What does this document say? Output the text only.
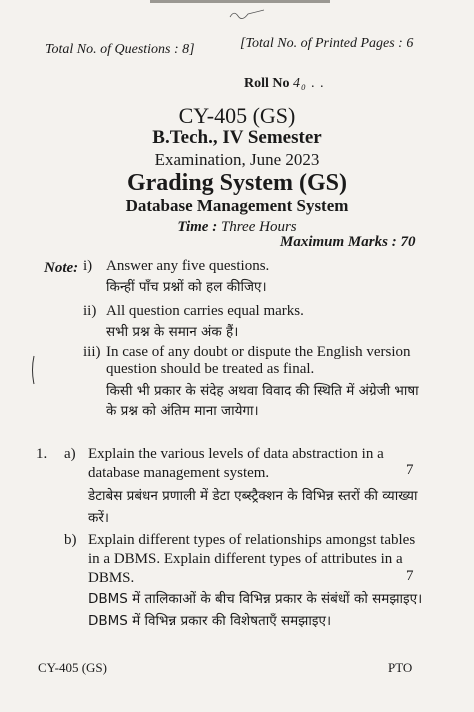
Total No. of Questions : 8]	[Total No. of Printed Pages : 6
Roll No 4₀ . .
CY-405 (GS)
B.Tech., IV Semester
Examination, June 2023
Grading System (GS)
Database Management System
Time : Three Hours
Maximum Marks : 70
Note: i) Answer any five questions.
किन्हीं पाँच प्रश्नों को हल कीजिए।
ii) All question carries equal marks.
सभी प्रश्न के समान अंक हैं।
iii) In case of any doubt or dispute the English version
question should be treated as final.
किसी भी प्रकार के संदेह अथवा विवाद की स्थिति में अंग्रेजी भाषा
के प्रश्न को अंतिम माना जायेगा।
1. a) Explain the various levels of data abstraction in a database management system.	7
डेटाबेस प्रबंधन प्रणाली में डेटा एब्स्ट्रैक्शन के विभिन्न स्तरों की व्याख्या करें।
b) Explain different types of relationships amongst tables in a DBMS. Explain different types of attributes in a DBMS.	7
DBMS में तालिकाओं के बीच विभिन्न प्रकार के संबंधों को समझाइए।
DBMS में विभिन्न प्रकार की विशेषताएँ समझाइए।
CY-405 (GS)	PTO
